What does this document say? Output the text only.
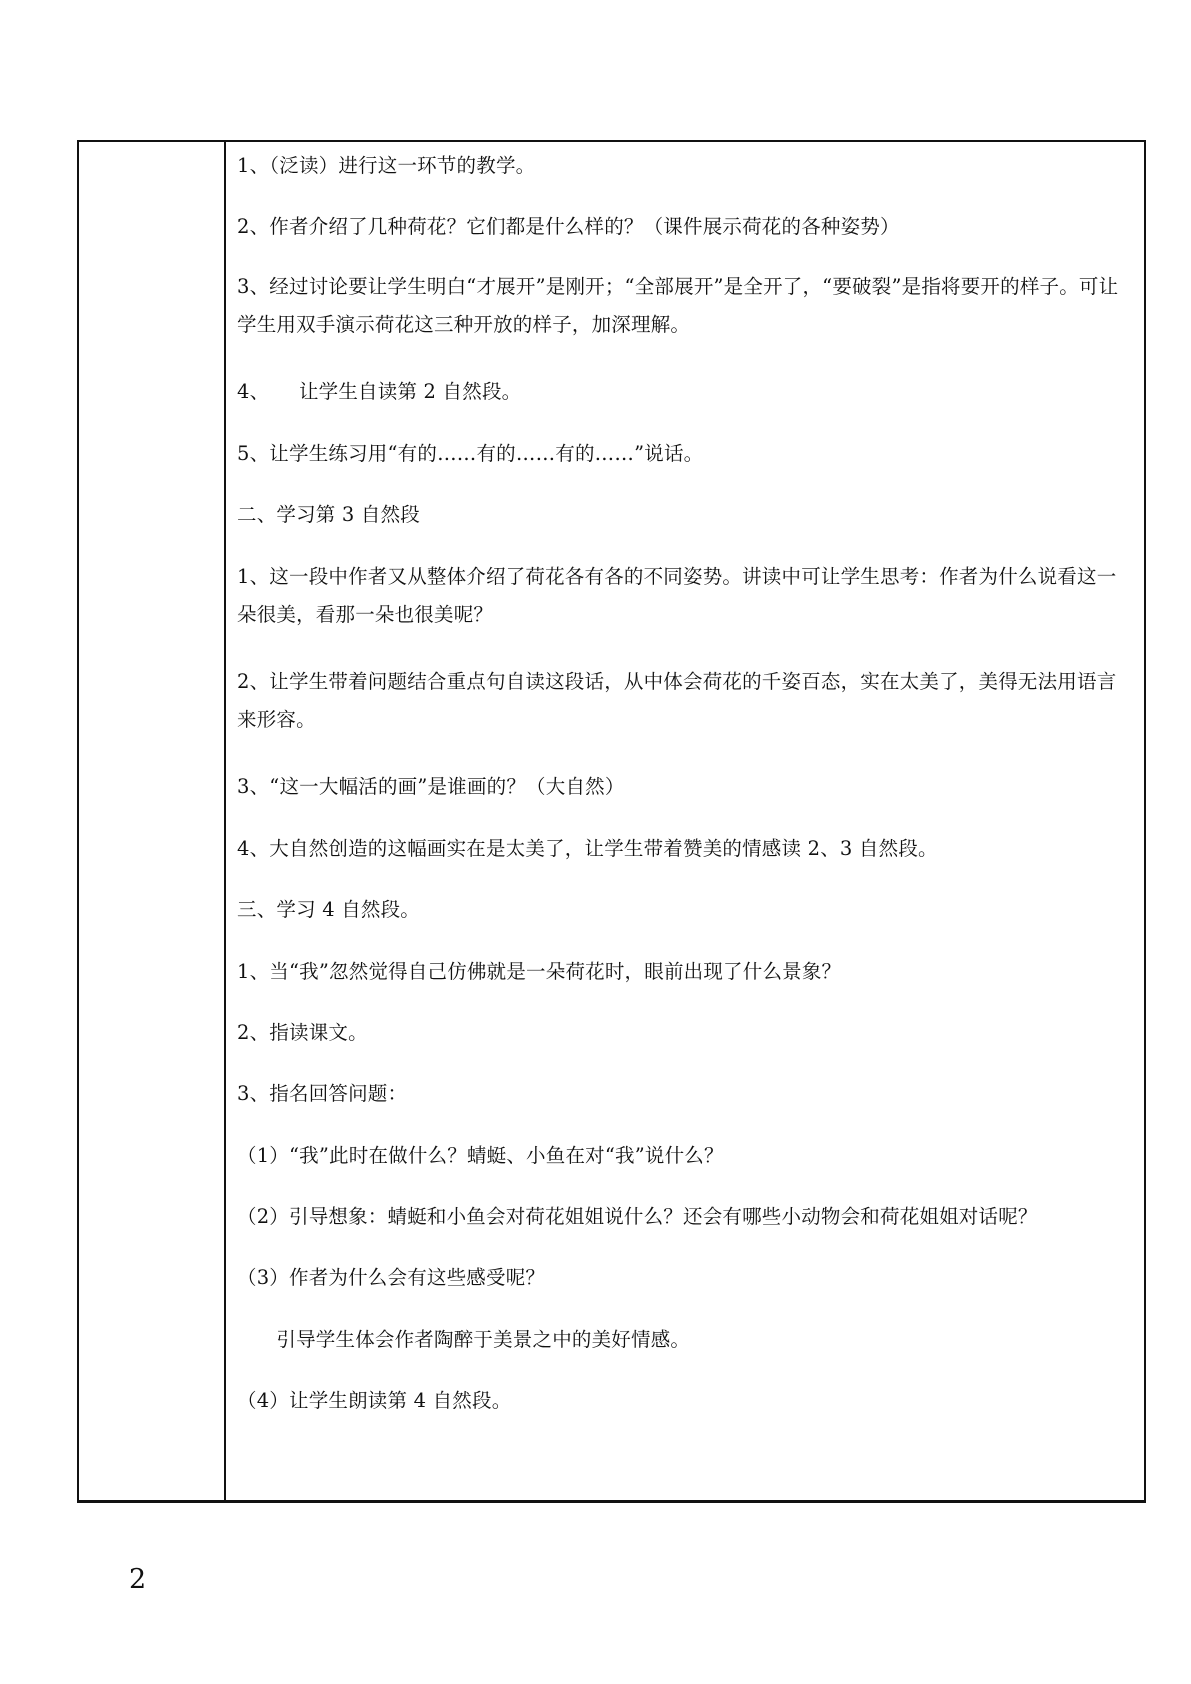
1、（泛读）进行这一环节的教学。
2、作者介绍了几种荷花？它们都是什么样的？（课件展示荷花的各种姿势）
3、经过讨论要让学生明白“才展开”是刚开；“全部展开”是全开了，“要破裂”是指将要开的样子。可让学生用双手演示荷花这三种开放的样子，加深理解。
4、　　让学生自读第 2 自然段。
5、让学生练习用“有的……有的……有的……”说话。
二、学习第 3 自然段
1、这一段中作者又从整体介绍了荷花各有各的不同姿势。讲读中可让学生思考：作者为什么说看这一朵很美，看那一朵也很美呢？
2、让学生带着问题结合重点句自读这段话，从中体会荷花的千姿百态，实在太美了，美得无法用语言来形容。
3、“这一大幅活的画”是谁画的？（大自然）
4、大自然创造的这幅画实在是太美了，让学生带着赞美的情感读 2、3 自然段。
三、学习 4 自然段。
1、当“我”忽然觉得自己仿佛就是一朵荷花时，眼前出现了什么景象？
2、指读课文。
3、指名回答问题：
（1）“我”此时在做什么？蜻蜓、小鱼在对“我”说什么？
（2）引导想象：蜻蜓和小鱼会对荷花姐姐说什么？还会有哪些小动物会和荷花姐姐对话呢？
（3）作者为什么会有这些感受呢？
　　引导学生体会作者陶醉于美景之中的美好情感。
（4）让学生朗读第 4 自然段。
2
